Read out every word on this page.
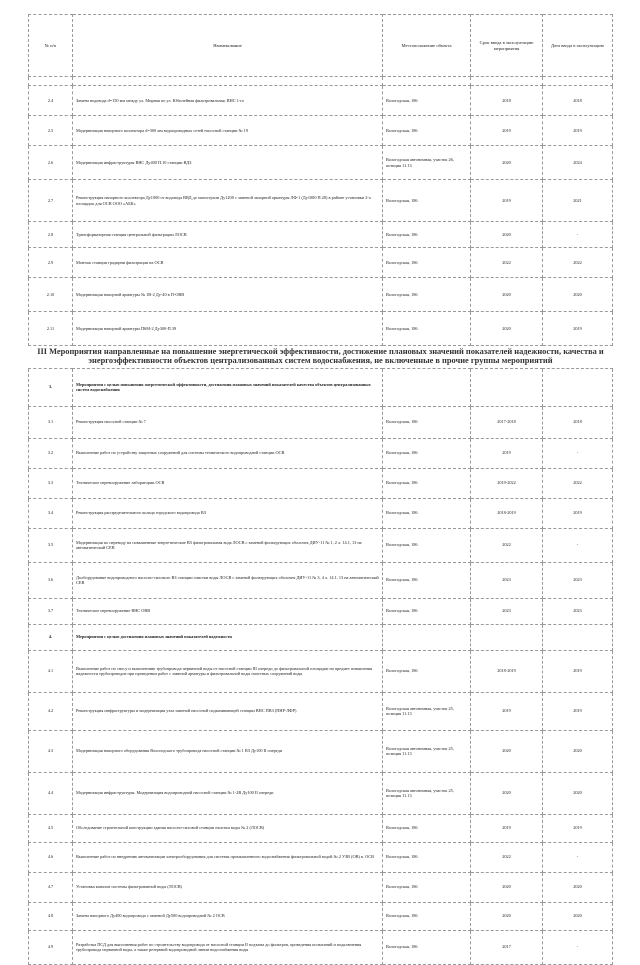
№ п/п	Наименование	Местоположение объекта	Срок ввода в эксплуатацию мероприятия	Дата ввода в эксплуатацию

2.4	Замена водовода d=150 мм между ул. Мирная по ул. Юбилейная фильтровальная, ВНС 1-го	Вологодская, 186	2018	2018
2.5	Модернизация напорного коллектора d=300 мм водопроводных сетей насосной станции № 19	Вологодская, 186	2019	2019
2.6	Модернизация инфраструктуры ВНС Ду400 П.10 станции ВДЗ	Вологодская автономная, участок 26, позиция 11.13	2020	2024
2.7	Реконструкция напорного коллектора Ду1000 от водовода ВВД до магистрали Ду1200 с заменой запорной арматуры ЛФ-1 (Ду1000 П.20) в районе установки 2-х площадок для ОСВ ООО «АБК»	Вологодская, 186	2019	2021
2.8	Трансформаторная станция центральной фильтрации ЛОСВ	Вологодская, 186	2020	-
2.9	Монтаж станции градирни фильтрации на ОСВ	Вологодская, 186	2022	2022
2.10	Модернизация напорной арматуры № 1В-2 Ду-40 в П-ОВВ	Вологодская, 186	2020	2020
2.11	Модернизация напорной арматуры П6М-2 Ду300-П.39	Вологодская, 186	2020	2019
III Мероприятия направленные на повышение энергетической эффективности, достижение плановых значений показателей надежности, качества и энергоэффективности объектов централизованных систем водоснабжения, не включенные в прочие группы мероприятий				
3.	Мероприятия с целью повышения энергетической эффективности, достижения плановых значений показателей качества объектов централизованных систем водоснабжения			
3.1	Реконструкция насосной станции № 7	Вологодская, 186	2017-2018	2018
3.2	Выполнение работ по устройству защитных сооружений для системы технического водопроводной станции ОСВ	Вологодская, 186	2019	-
3.3	Техническое перевооружение лаборатории ОСВ	Вологодская, 186	2019-2022	2022
3.4	Реконструкция распределительного кольца городского водопровода ВЗ	Вологодская, 186	2018-2019	2019
3.5	Модернизация по переводу на повышенные энергетические ВЗ фильтровальная вода ЛОСВ с заменой фильтрующих оболочек ДИУ-11 № 1, 2 л. 14.1, 13 на автоматический СЕВ	Вологодская, 186	2022	-
3.6	Дооборудование водопроводного насосно-силового ВЗ станции очистки воды ЛОСВ с заменой фильтрующих оболочек ДИУ-11 № 3, 4 л. 14.1, 13 на автоматический СЕВ	Вологодская, 186	2023	2023
3.7	Техническое перевооружение ВНС ОВВ	Вологодская, 186	2023	2023
4.	Мероприятия с целью достижения плановых значений показателей надежности			
4.1	Выполнение работ по сносу и выполнению трубопровода первичной воды от насосной станции III очереди до фильтровальной площадки на предмет повышения надежности трубопроводов при проведении работ с заменой арматуры и фильтровальной воды очистных сооружений воды	Вологодская, 186	2018-2019	2019
4.2	Реконструкция инфраструктуры и модернизация узла заменой насосной подкачивающей станции ВНС ПВЗ (ПНР-ЛФР)	Вологодская автономная, участок 25, позиция 11.13	2019	2019
4.3	Модернизация напорного оборудования Вологодского трубопровода насосной станции № 1 ВЗ Ду100 II очереди	Вологодская автономная, участок 25, позиция 11.13	2020	2020
4.4	Модернизация инфраструктуры. Модернизация водопроводной насосной станции № 1-2В Ду100 II очереди	Вологодская автономная, участок 25, позиция 11.13	2020	2020
4.5	Обследование строительной конструкции здания насосно-силовой станции очистки воды № 2 (ЛОСВ)	Вологодская, 186	2019	2019
4.6	Выполнение работ по внедрению автоматизации электрооборудования для системы промышленного водоснабжения фильтровальной водой № 2 УЗВ (ОВ) в. ОСВ	Вологодская, 186	2022	-
4.7	Установка каналов системы фильтрованной воды (ЛОСВ)	Вологодская, 186	2020	2020
4.8	Замена напорного Ду400 водопровода с заменой Ду500 водопроводной № 2 ОСВ	Вологодская, 186	2020	2020
4.9	Разработка ПСД для выполнения работ по строительству водопровода от насосной станции II подъема до фильтров, проведения испытаний и подключения трубопровода первичной воды, а также резервной водопроводной линии водоснабжения воды	Вологодская, 186	2017	-
